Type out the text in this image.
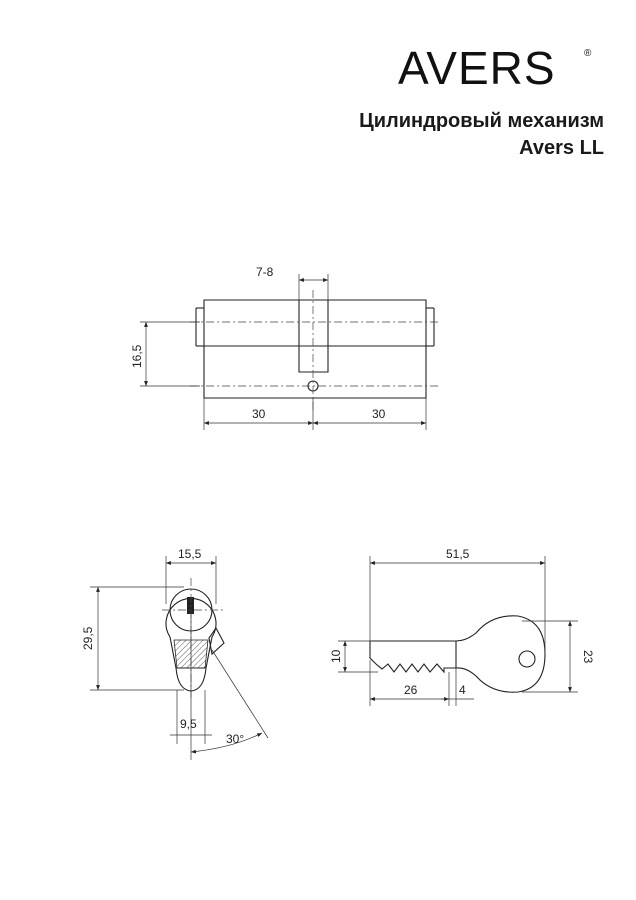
AVERS	®
Цилиндровый механизм
Avers LL
7-8
16,5
30	30
15,5
29,5
9,5
30°
51,5
10	23
26	4
